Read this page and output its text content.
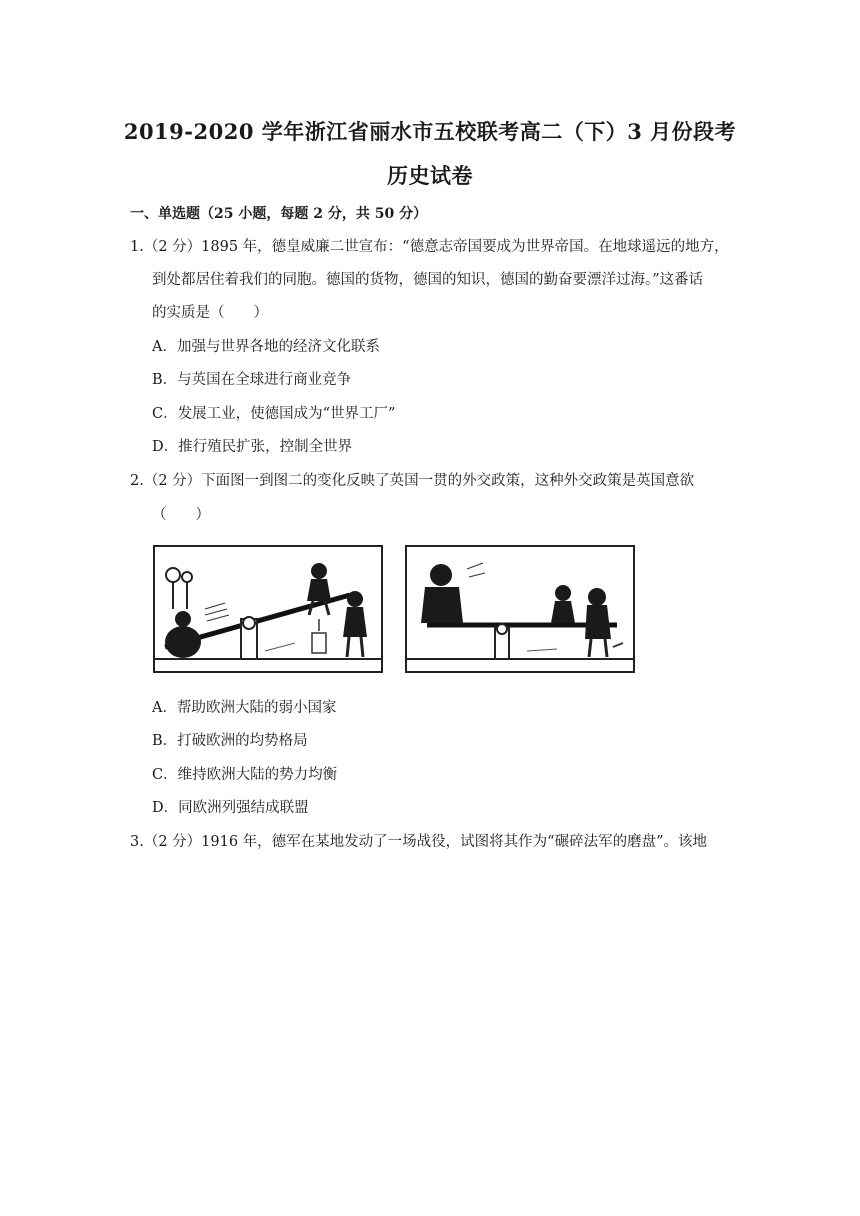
2019-2020 学年浙江省丽水市五校联考高二（下）3 月份段考
历史试卷
一、单选题（25 小题，每题 2 分，共 50 分）
1.（2 分）1895 年，德皇威廉二世宣布：“德意志帝国要成为世界帝国。在地球遥远的地方，
到处都居住着我们的同胞。德国的货物，德国的知识，德国的勤奋要漂洋过海。”这番话
的实质是（　　）
A．加强与世界各地的经济文化联系
B．与英国在全球进行商业竞争
C．发展工业，使德国成为“世界工厂”
D．推行殖民扩张，控制全世界
2.（2 分）下面图一到图二的变化反映了英国一贯的外交政策，这种外交政策是英国意欲
（　　）
A．帮助欧洲大陆的弱小国家
B．打破欧洲的均势格局
C．维持欧洲大陆的势力均衡
D．同欧洲列强结成联盟
3.（2 分）1916 年，德军在某地发动了一场战役，试图将其作为“碾碎法军的磨盘”。该地
